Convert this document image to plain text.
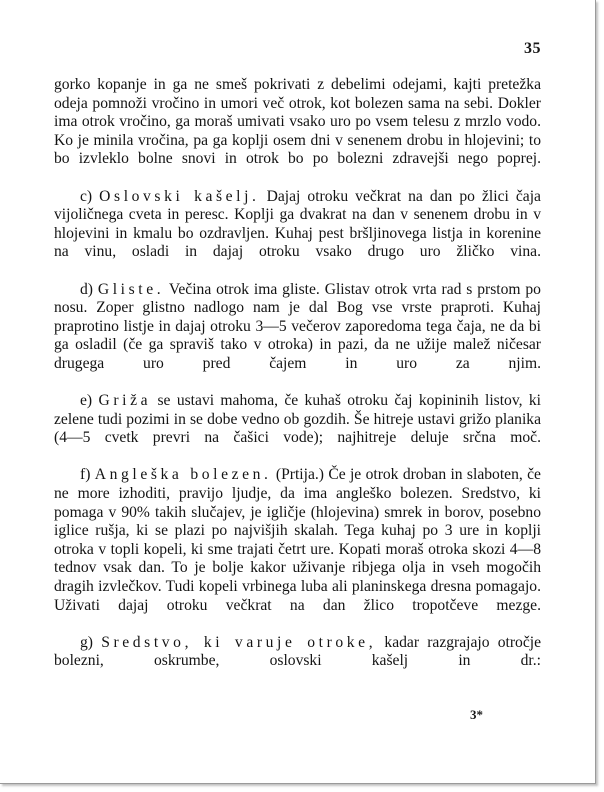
35

gorko kopanje in ga ne smeš pokrivati z debelimi odejami, kajti pretežka odeja pomnoži vročino in umori več otrok, kot bolezen sama na sebi. Dokler ima otrok vročino, ga moraš umivati vsako uro po vsem telesu z mrzlo vodo. Ko je minila vročina, pa ga koplji osem dni v senenem drobu in hlojevini; to bo izvleklo bolne snovi in otrok bo po bolezni zdravejši nego poprej.

c) Oslovski kašelj. Dajaj otroku večkrat na dan po žlici čaja vijoličnega cveta in peresc. Koplji ga dvakrat na dan v senenem drobu in v hlojevini in kmalu bo ozdravljen. Kuhaj pest bršljinovega listja in korenine na vinu, osladi in dajaj otroku vsako drugo uro žličko vina.

d) Gliste. Večina otrok ima gliste. Glistav otrok vrta rad s prstom po nosu. Zoper glistno nadlogo nam je dal Bog vse vrste praproti. Kuhaj praprotino listje in dajaj otroku 3—5 večerov zaporedoma tega čaja, ne da bi ga osladil (če ga spraviš tako v otroka) in pazi, da ne užije malež ničesar drugega uro pred čajem in uro za njim.

e) Griža se ustavi mahoma, če kuhaš otroku čaj kopininih listov, ki zelene tudi pozimi in se dobe vedno ob gozdih. Še hitreje ustavi grižo planika (4—5 cvetk prevri na čašici vode); najhitreje deluje srčna moč.

f) Angleška bolezen. (Prtija.) Če je otrok droban in slaboten, če ne more izhoditi, pravijo ljudje, da ima angleško bolezen. Sredstvo, ki pomaga v 90% takih slučajev, je igličje (hlojevina) smrek in borov, posebno iglice rušja, ki se plazi po najvišjih skalah. Tega kuhaj po 3 ure in koplji otroka v topli kopeli, ki sme trajati četrt ure. Kopati moraš otroka skozi 4—8 tednov vsak dan. To je bolje kakor uživanje ribjega olja in vseh mogočih dragih izvlečkov. Tudi kopeli vrbinega luba ali planinskega dresna pomagajo. Uživati dajaj otroku večkrat na dan žlico tropotčeve mezge.

g) Sredstvo, ki varuje otroke, kadar razgrajajo otročje bolezni, oskrumbe, oslovski kašelj in dr.:

3*
